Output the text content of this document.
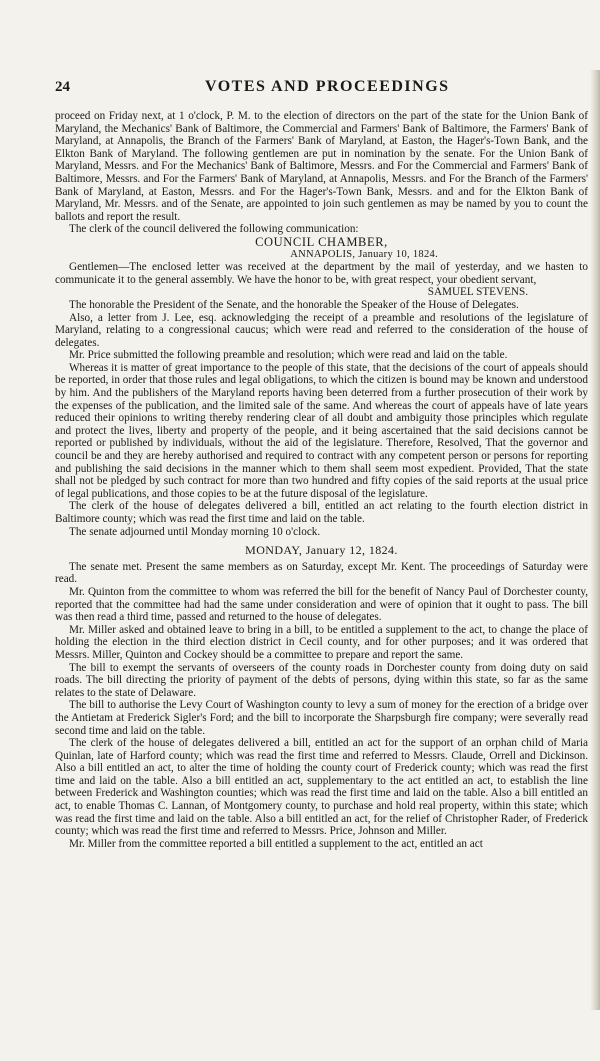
24	VOTES AND PROCEEDINGS

proceed on Friday next, at 1 o'clock, P. M. to the election of directors on the part of the state for the Union Bank of Maryland, the Mechanics' Bank of Baltimore, the Commercial and Farmers' Bank of Baltimore, the Farmers' Bank of Maryland, at Annapolis, the Branch of the Farmers' Bank of Maryland, at Easton, the Hager's-Town Bank, and the Elkton Bank of Maryland. The following gentlemen are put in nomination by the senate. For the Union Bank of Maryland, Messrs. and For the Mechanics' Bank of Baltimore, Messrs. and For the Commercial and Farmers' Bank of Baltimore, Messrs. and For the Farmers' Bank of Maryland, at Annapolis, Messrs. and For the Branch of the Farmers' Bank of Maryland, at Easton, Messrs. and For the Hager's-Town Bank, Messrs. and and for the Elkton Bank of Maryland, Mr. Messrs. and of the Senate, are appointed to join such gentlemen as may be named by you to count the ballots and report the result.

The clerk of the council delivered the following communication:

COUNCIL CHAMBER,
ANNAPOLIS, January 10, 1824.

Gentlemen—The enclosed letter was received at the department by the mail of yesterday, and we hasten to communicate it to the general assembly. We have the honor to be, with great respect, your obedient servant,

SAMUEL STEVENS.

The honorable the President of the Senate, and the honorable the Speaker of the House of Delegates.

Also, a letter from J. Lee, esq. acknowledging the receipt of a preamble and resolutions of the legislature of Maryland, relating to a congressional caucus; which were read and referred to the consideration of the house of delegates.

Mr. Price submitted the following preamble and resolution; which were read and laid on the table.

Whereas it is matter of great importance to the people of this state, that the decisions of the court of appeals should be reported, in order that those rules and legal obligations, to which the citizen is bound may be known and understood by him. And the publishers of the Maryland reports having been deterred from a further prosecution of their work by the expenses of the publication, and the limited sale of the same. And whereas the court of appeals have of late years reduced their opinions to writing thereby rendering clear of all doubt and ambiguity those principles which regulate and protect the lives, liberty and property of the people, and it being ascertained that the said decisions cannot be reported or published by individuals, without the aid of the legislature. Therefore, Resolved, That the governor and council be and they are hereby authorised and required to contract with any competent person or persons for reporting and publishing the said decisions in the manner which to them shall seem most expedient. Provided, That the state shall not be pledged by such contract for more than two hundred and fifty copies of the said reports at the usual price of legal publications, and those copies to be at the future disposal of the legislature.

The clerk of the house of delegates delivered a bill, entitled an act relating to the fourth election district in Baltimore county; which was read the first time and laid on the table.

The senate adjourned until Monday morning 10 o'clock.

MONDAY, January 12, 1824.

The senate met. Present the same members as on Saturday, except Mr. Kent. The proceedings of Saturday were read.

Mr. Quinton from the committee to whom was referred the bill for the benefit of Nancy Paul of Dorchester county, reported that the committee had had the same under consideration and were of opinion that it ought to pass. The bill was then read a third time, passed and returned to the house of delegates.

Mr. Miller asked and obtained leave to bring in a bill, to be entitled a supplement to the act, to change the place of holding the election in the third election district in Cecil county, and for other purposes; and it was ordered that Messrs. Miller, Quinton and Cockey should be a committee to prepare and report the same.

The bill to exempt the servants of overseers of the county roads in Dorchester county from doing duty on said roads. The bill directing the priority of payment of the debts of persons, dying within this state, so far as the same relates to the state of Delaware.

The bill to authorise the Levy Court of Washington county to levy a sum of money for the erection of a bridge over the Antietam at Frederick Sigler's Ford; and the bill to incorporate the Sharpsburgh fire company; were severally read second time and laid on the table.

The clerk of the house of delegates delivered a bill, entitled an act for the support of an orphan child of Maria Quinlan, late of Harford county; which was read the first time and referred to Messrs. Claude, Orrell and Dickinson. Also a bill entitled an act, to alter the time of holding the county court of Frederick county; which was read the first time and laid on the table. Also a bill entitled an act, supplementary to the act entitled an act, to establish the line between Frederick and Washington counties; which was read the first time and laid on the table. Also a bill entitled an act, to enable Thomas C. Lannan, of Montgomery county, to purchase and hold real property, within this state; which was read the first time and laid on the table. Also a bill entitled an act, for the relief of Christopher Rader, of Frederick county; which was read the first time and referred to Messrs. Price, Johnson and Miller.

Mr. Miller from the committee reported a bill entitled a supplement to the act, entitled an act
